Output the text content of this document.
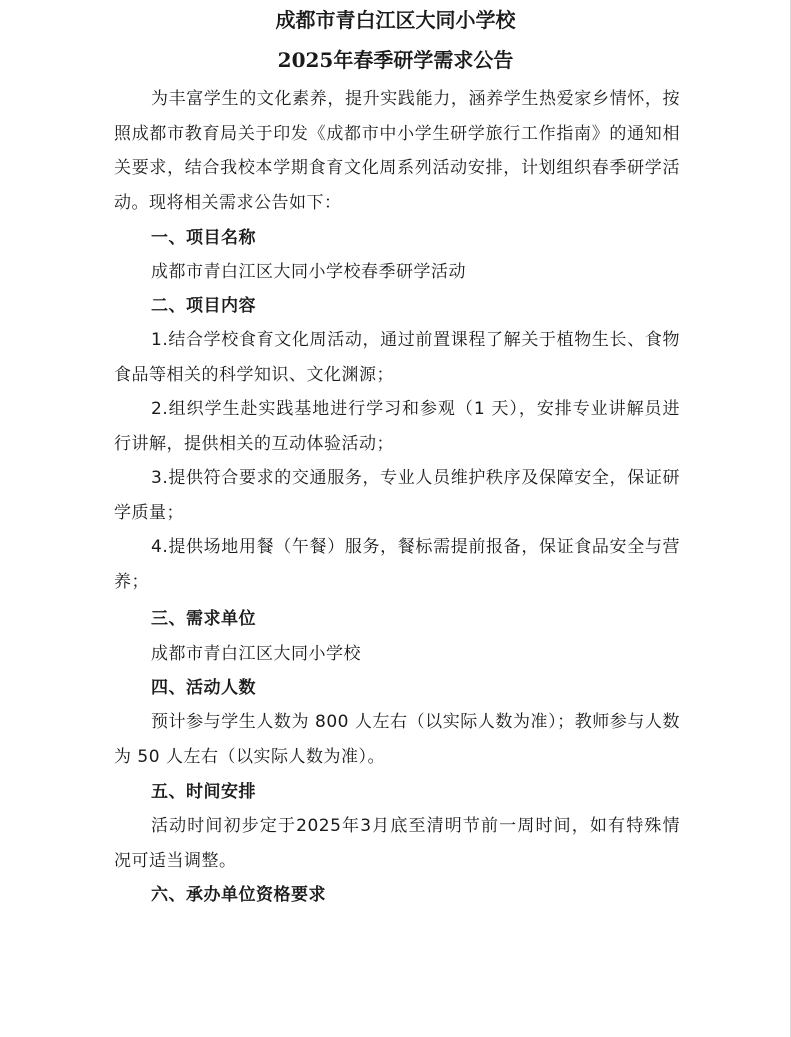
成都市青白江区大同小学校
2025年春季研学需求公告
为丰富学生的文化素养，提升实践能力，涵养学生热爱家乡情怀，按照成都市教育局关于印发《成都市中小学生研学旅行工作指南》的通知相关要求，结合我校本学期食育文化周系列活动安排，计划组织春季研学活动。现将相关需求公告如下：
一、项目名称
成都市青白江区大同小学校春季研学活动
二、项目内容
1.结合学校食育文化周活动，通过前置课程了解关于植物生长、食物食品等相关的科学知识、文化渊源；
2.组织学生赴实践基地进行学习和参观（1 天），安排专业讲解员进行讲解，提供相关的互动体验活动；
3.提供符合要求的交通服务，专业人员维护秩序及保障安全，保证研学质量；
4.提供场地用餐（午餐）服务，餐标需提前报备，保证食品安全与营养；
三、需求单位
成都市青白江区大同小学校
四、活动人数
预计参与学生人数为 800 人左右（以实际人数为准）；教师参与人数为 50 人左右（以实际人数为准）。
五、时间安排
活动时间初步定于2025年3月底至清明节前一周时间，如有特殊情况可适当调整。
六、承办单位资格要求
